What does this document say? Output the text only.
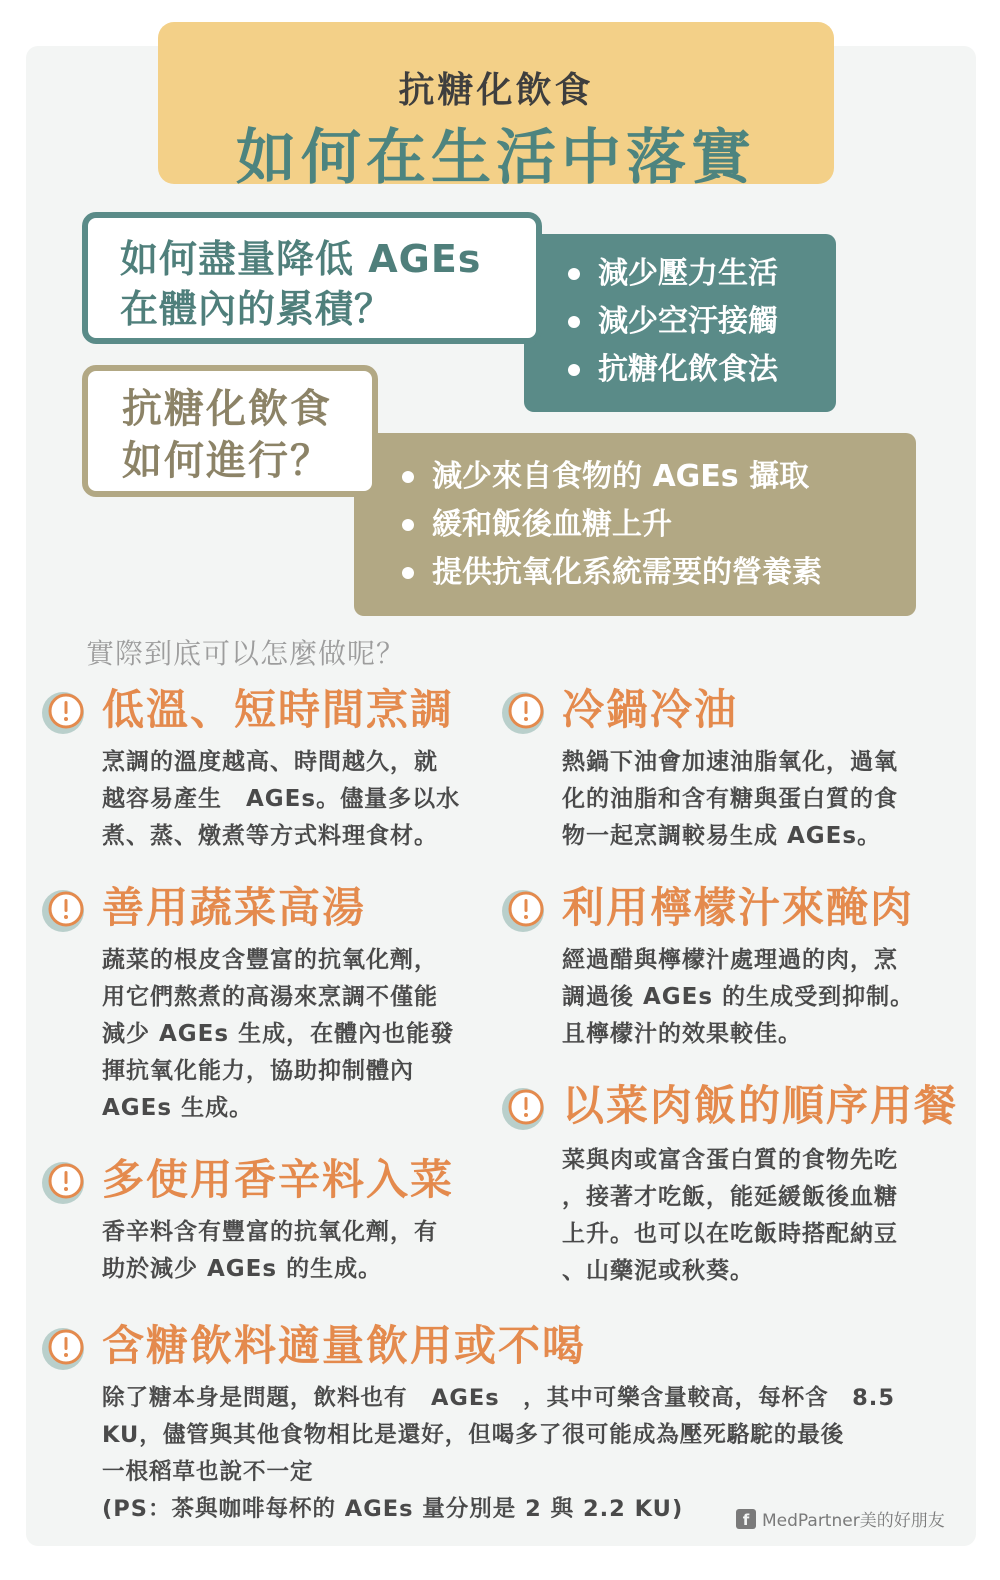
抗糖化飲食
如何在生活中落實
減少壓力生活
減少空汙接觸
抗糖化飲食法
如何盡量降低 AGEs
在體內的累積？
減少來自食物的 AGEs 攝取
緩和飯後血糖上升
提供抗氧化系統需要的營養素
抗糖化飲食
如何進行？
實際到底可以怎麼做呢？
低溫、短時間烹調
烹調的溫度越高、時間越久，就
越容易產生　AGEs。儘量多以水
煮、蒸、燉煮等方式料理食材。
冷鍋冷油
熱鍋下油會加速油脂氧化，過氧
化的油脂和含有糖與蛋白質的食
物一起烹調較易生成 AGEs。
善用蔬菜高湯
蔬菜的根皮含豐富的抗氧化劑，
用它們熬煮的高湯來烹調不僅能
減少 AGEs 生成，在體內也能發
揮抗氧化能力，協助抑制體內
AGEs 生成。
利用檸檬汁來醃肉
經過醋與檸檬汁處理過的肉，烹
調過後 AGEs 的生成受到抑制。
且檸檬汁的效果較佳。
以菜肉飯的順序用餐
菜與肉或富含蛋白質的食物先吃
，接著才吃飯，能延緩飯後血糖
上升。也可以在吃飯時搭配納豆
、山藥泥或秋葵。
多使用香辛料入菜
香辛料含有豐富的抗氧化劑，有
助於減少 AGEs 的生成。
含糖飲料適量飲用或不喝
除了糖本身是問題，飲料也有　AGEs　，其中可樂含量較高，每杯含　8.5
KU，儘管與其他食物相比是還好，但喝多了很可能成為壓死駱駝的最後
一根稻草也說不一定
(PS：茶與咖啡每杯的 AGEs 量分別是 2 與 2.2 KU)	f MedPartner美的好朋友
